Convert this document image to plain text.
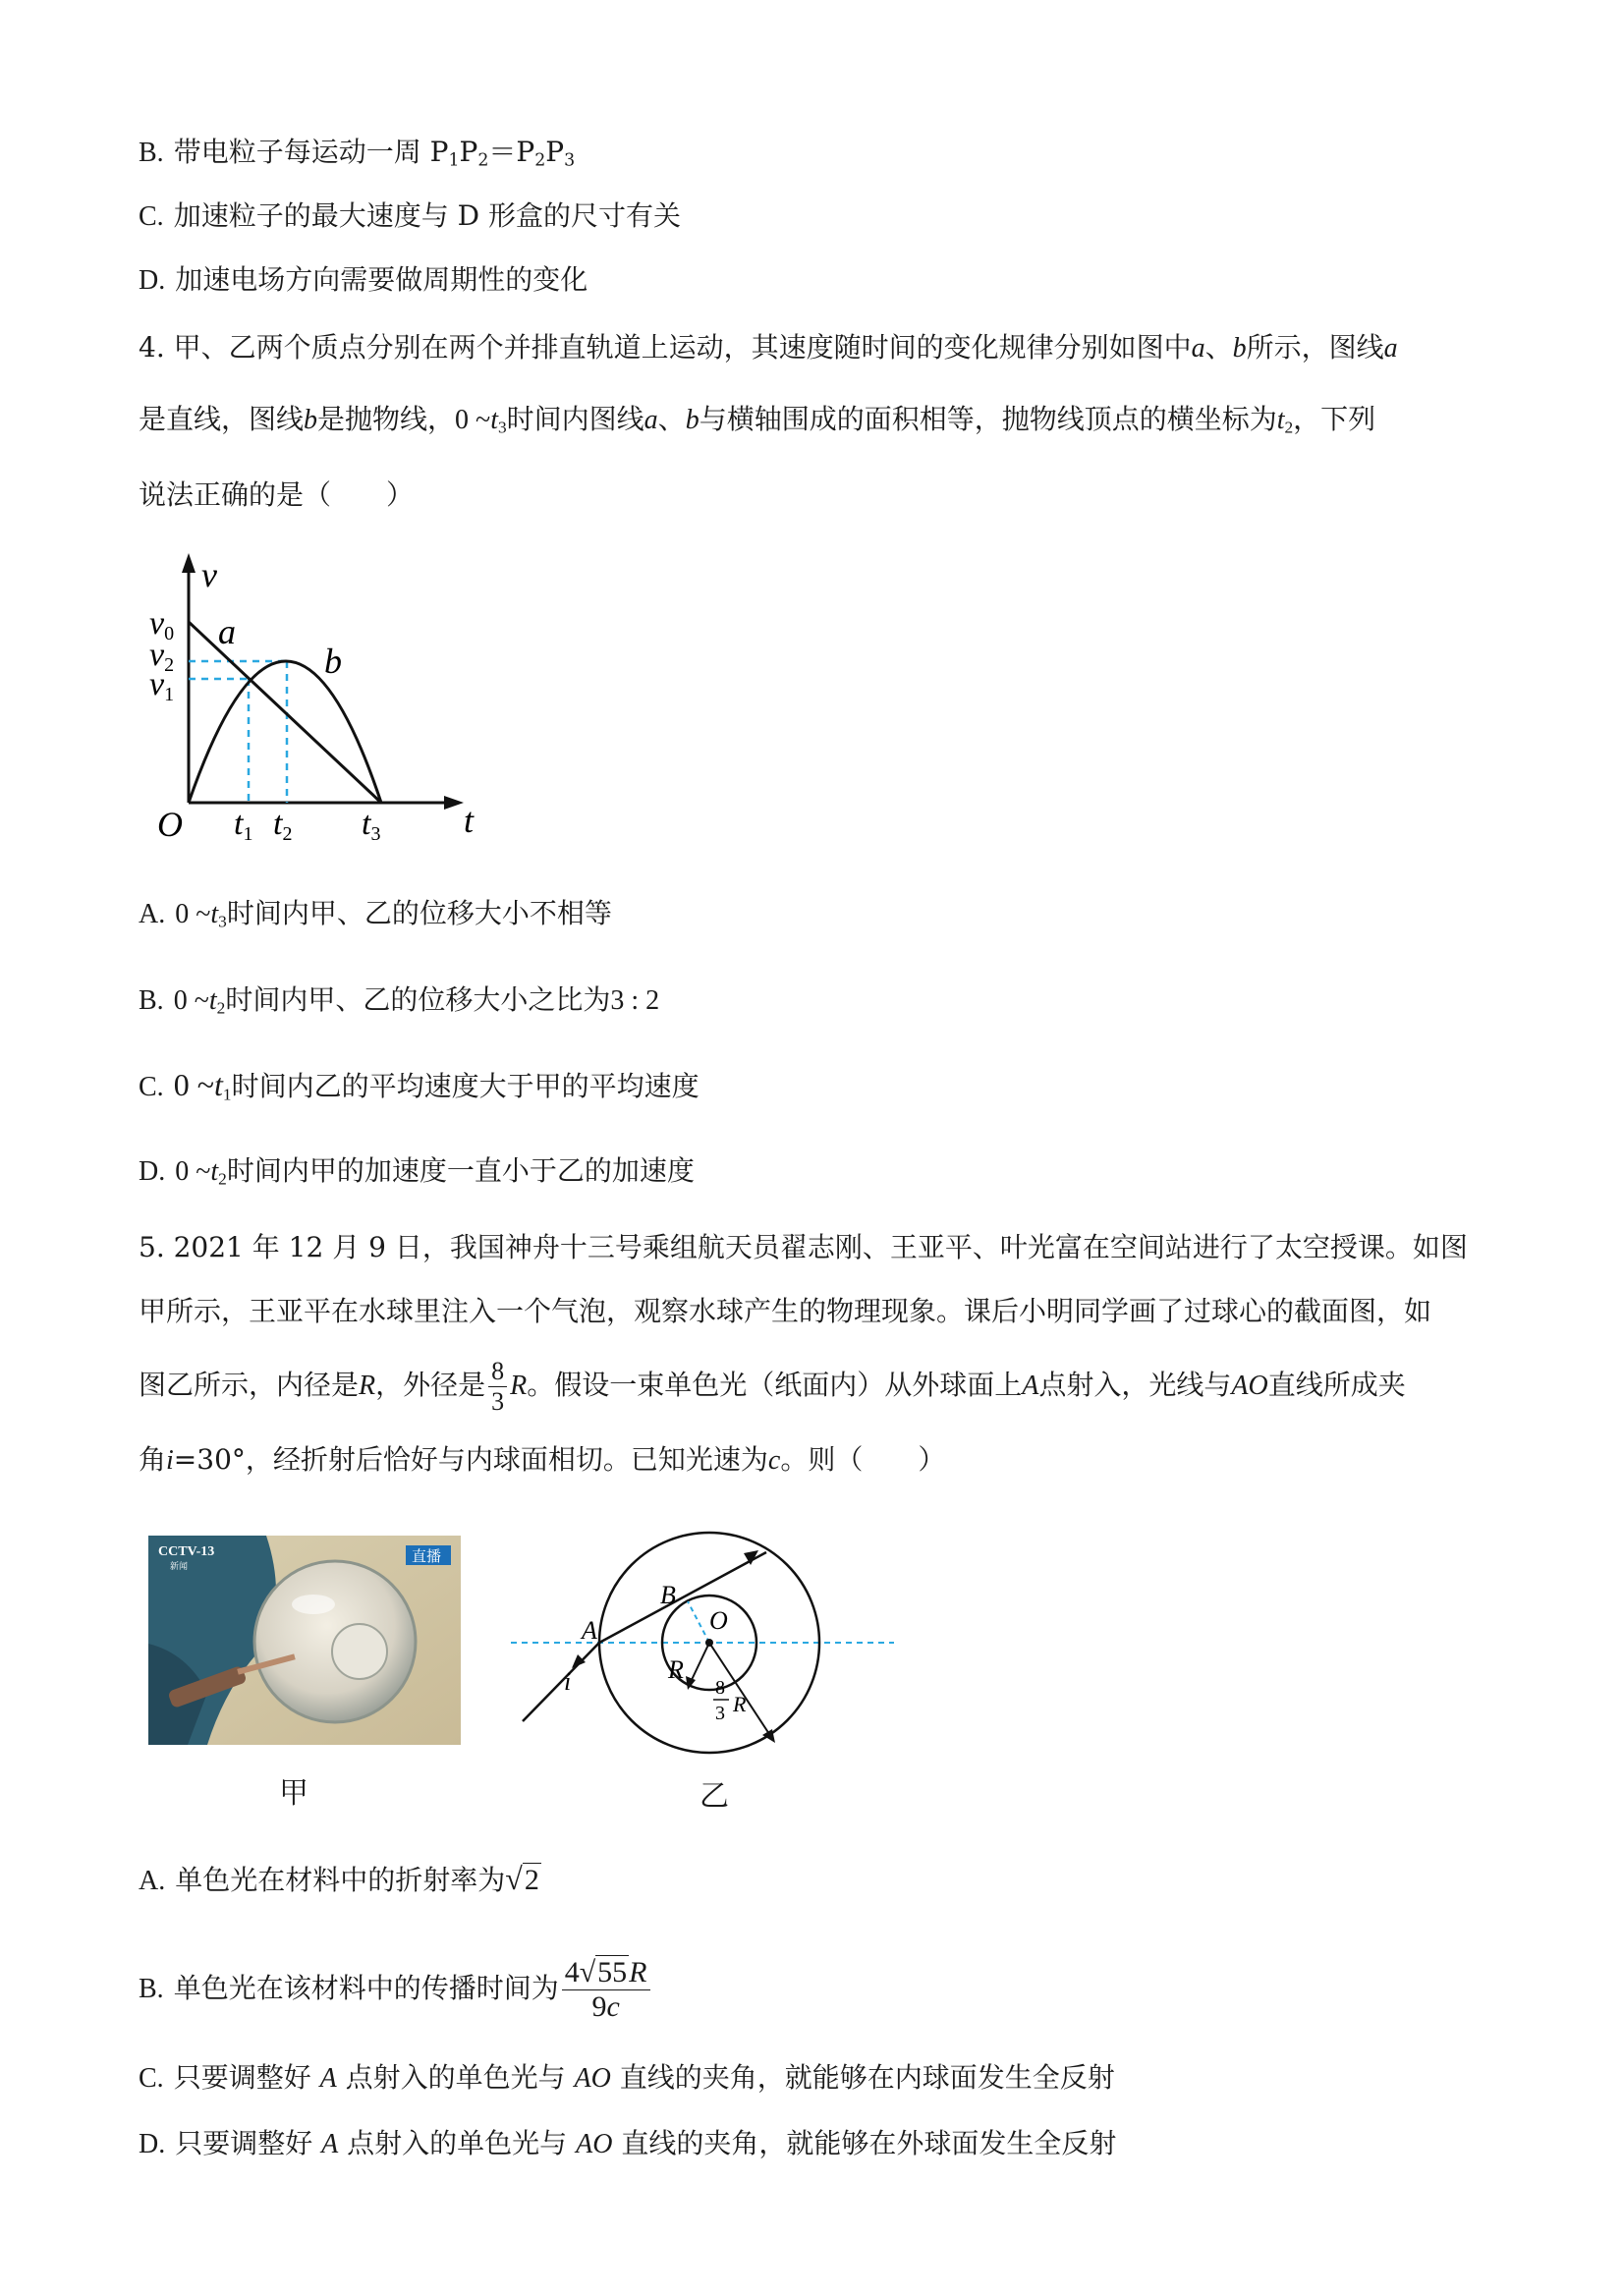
B. 带电粒子每运动一周 $P_1P_2=P_2P_3$
C. 加速粒子的最大速度与 D 形盒的尺寸有关
D. 加速电场方向需要做周期性的变化
4. 甲、乙两个质点分别在两个并排直轨道上运动，其速度随时间的变化规律分别如图中a、b所示，图线a
是直线，图线b是抛物线，0 $\sim t_3$时间内图线a、b与横轴围成的面积相等，抛物线顶点的横坐标为$t_2$，下列
说法正确的是（　　）
v
v0
v2
v1
a
b
O t1 t2 t3 t
A. 0 $\sim t_3$时间内甲、乙的位移大小不相等
B. 0 $\sim t_2$时间内甲、乙的位移大小之比为3 : 2
C. 0 $\sim t_1$时间内乙的平均速度大于甲的平均速度
D. 0 $\sim t_2$时间内甲的加速度一直小于乙的加速度
5. 2021 年 12 月 9 日，我国神舟十三号乘组航天员翟志刚、王亚平、叶光富在空间站进行了太空授课。如图
甲所示，王亚平在水球里注入一个气泡，观察水球产生的物理现象。课后小明同学画了过球心的截面图，如
图乙所示，内径是R，外径是 $\frac{8}{3}$ R。假设一束单色光（纸面内）从外球面上A点射入，光线与AO直线所成夹
角i=30°，经折射后恰好与内球面相切。已知光速为c。则（　　）
CCTV-13
新闻
直播
甲	乙
A
i
B
O
R
8
3 R
A. 单色光在材料中的折射率为√2
B. 单色光在该材料中的传播时间为 $\frac{4√55R}{9c}$
C. 只要调整好 A 点射入的单色光与 AO 直线的夹角，就能够在内球面发生全反射
D. 只要调整好 A 点射入的单色光与 AO 直线的夹角，就能够在外球面发生全反射
